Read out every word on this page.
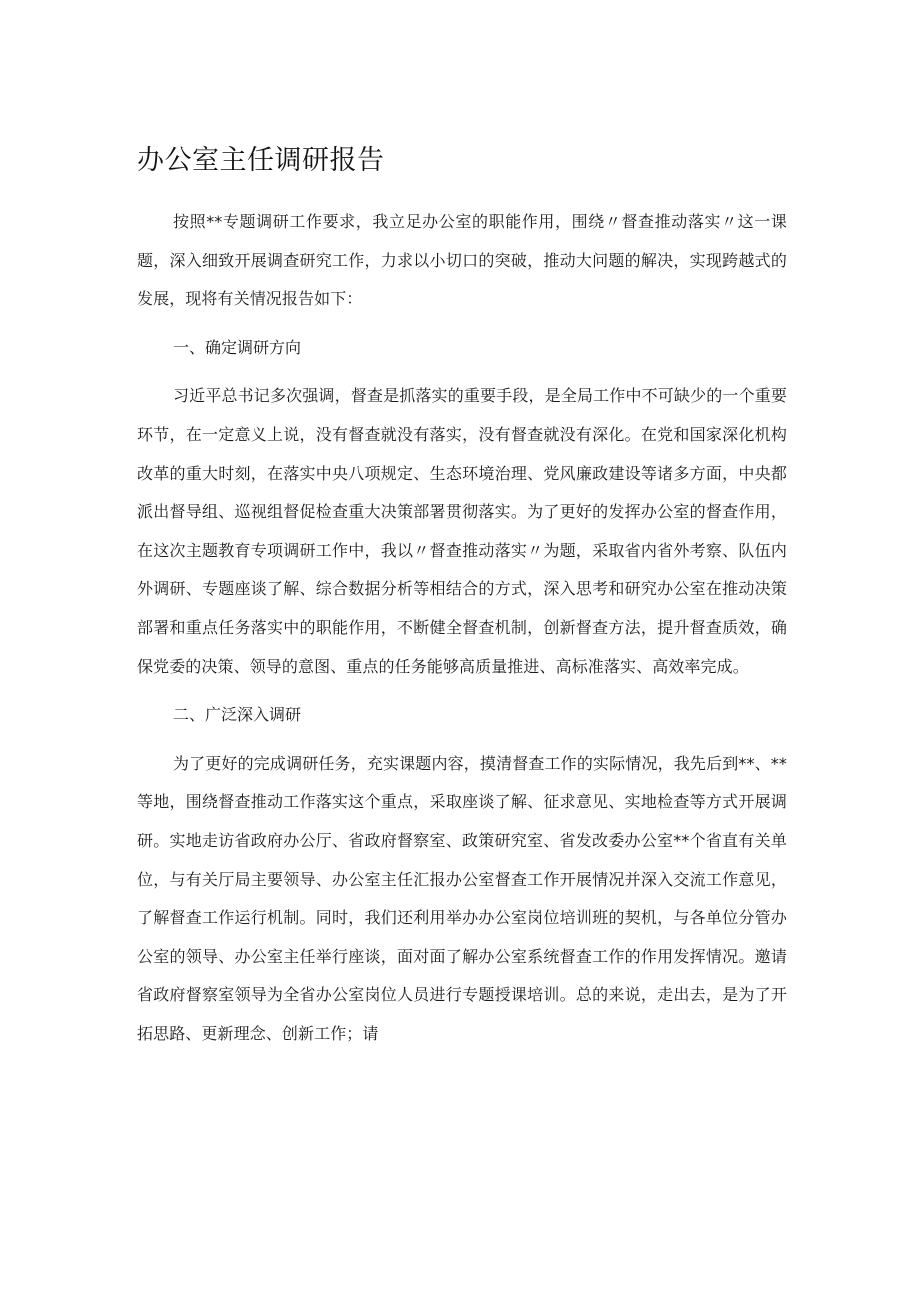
办公室主任调研报告

按照**专题调研工作要求，我立足办公室的职能作用，围绕〃督查推动落实〃这一课题，深入细致开展调查研究工作，力求以小切口的突破，推动大问题的解决，实现跨越式的发展，现将有关情况报告如下：

一、确定调研方向

习近平总书记多次强调，督查是抓落实的重要手段，是全局工作中不可缺少的一个重要环节，在一定意义上说，没有督查就没有落实，没有督查就没有深化。在党和国家深化机构改革的重大时刻，在落实中央八项规定、生态环境治理、党风廉政建设等诸多方面，中央都派出督导组、巡视组督促检查重大决策部署贯彻落实。为了更好的发挥办公室的督查作用，在这次主题教育专项调研工作中，我以〃督查推动落实〃为题，采取省内省外考察、队伍内外调研、专题座谈了解、综合数据分析等相结合的方式，深入思考和研究办公室在推动决策部署和重点任务落实中的职能作用，不断健全督查机制，创新督查方法，提升督查质效，确保党委的决策、领导的意图、重点的任务能够高质量推进、高标准落实、高效率完成。

二、广泛深入调研

为了更好的完成调研任务，充实课题内容，摸清督查工作的实际情况，我先后到**、**等地，围绕督查推动工作落实这个重点，采取座谈了解、征求意见、实地检查等方式开展调研。实地走访省政府办公厅、省政府督察室、政策研究室、省发改委办公室**个省直有关单位，与有关厅局主要领导、办公室主任汇报办公室督查工作开展情况并深入交流工作意见，了解督查工作运行机制。同时，我们还利用举办办公室岗位培训班的契机，与各单位分管办公室的领导、办公室主任举行座谈，面对面了解办公室系统督查工作的作用发挥情况。邀请省政府督察室领导为全省办公室岗位人员进行专题授课培训。总的来说，走出去，是为了开拓思路、更新理念、创新工作；请
